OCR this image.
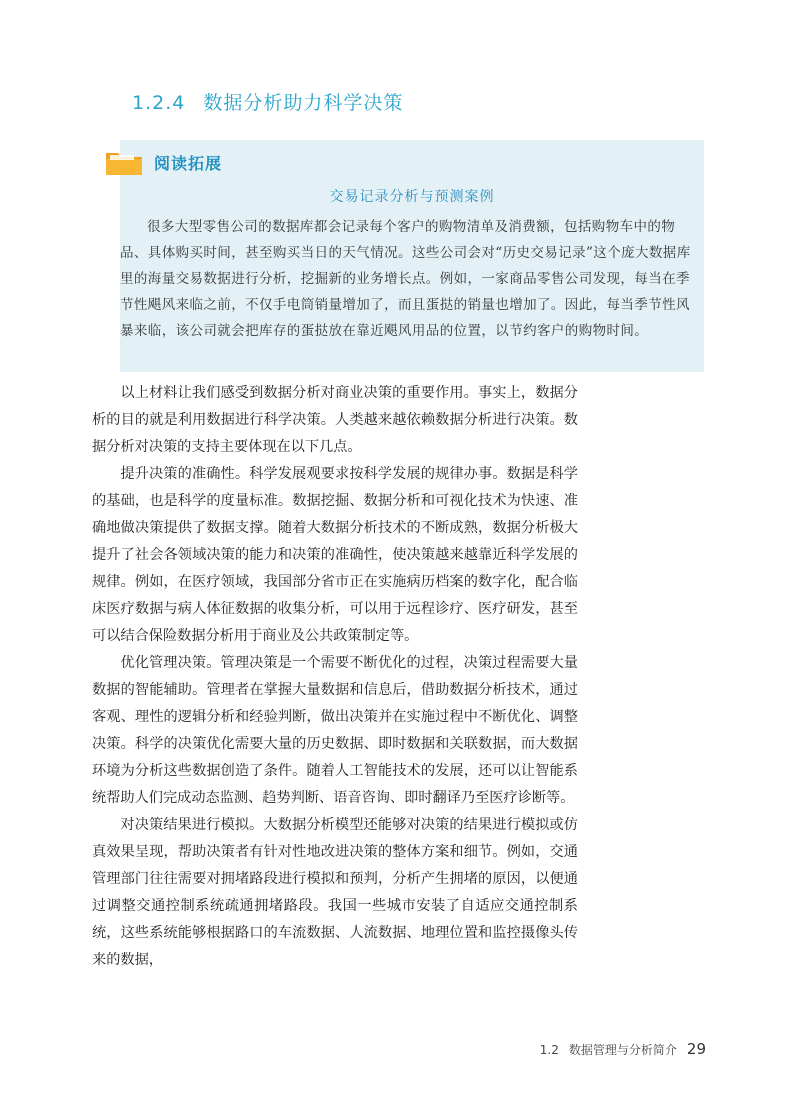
1.2.4 数据分析助力科学决策
阅读拓展
交易记录分析与预测案例

很多大型零售公司的数据库都会记录每个客户的购物清单及消费额，包括购物车中的物品、具体购买时间，甚至购买当日的天气情况。这些公司会对“历史交易记录”这个庞大数据库里的海量交易数据进行分析，挖掘新的业务增长点。例如，一家商品零售公司发现，每当在季节性飓风来临之前，不仅手电筒销量增加了，而且蛋挞的销量也增加了。因此，每当季节性风暴来临，该公司就会把库存的蛋挞放在靠近飓风用品的位置，以节约客户的购物时间。

以上材料让我们感受到数据分析对商业决策的重要作用。事实上，数据分析的目的就是利用数据进行科学决策。人类越来越依赖数据分析进行决策。数据分析对决策的支持主要体现在以下几点。

提升决策的准确性。科学发展观要求按科学发展的规律办事。数据是科学的基础，也是科学的度量标准。数据挖掘、数据分析和可视化技术为快速、准确地做决策提供了数据支撑。随着大数据分析技术的不断成熟，数据分析极大提升了社会各领域决策的能力和决策的准确性，使决策越来越靠近科学发展的规律。例如，在医疗领域，我国部分省市正在实施病历档案的数字化，配合临床医疗数据与病人体征数据的收集分析，可以用于远程诊疗、医疗研发，甚至可以结合保险数据分析用于商业及公共政策制定等。

优化管理决策。管理决策是一个需要不断优化的过程，决策过程需要大量数据的智能辅助。管理者在掌握大量数据和信息后，借助数据分析技术，通过客观、理性的逻辑分析和经验判断，做出决策并在实施过程中不断优化、调整决策。科学的决策优化需要大量的历史数据、即时数据和关联数据，而大数据环境为分析这些数据创造了条件。随着人工智能技术的发展，还可以让智能系统帮助人们完成动态监测、趋势判断、语音咨询、即时翻译乃至医疗诊断等。

对决策结果进行模拟。大数据分析模型还能够对决策的结果进行模拟或仿真效果呈现，帮助决策者有针对性地改进决策的整体方案和细节。例如，交通管理部门往往需要对拥堵路段进行模拟和预判，分析产生拥堵的原因，以便通过调整交通控制系统疏通拥堵路段。我国一些城市安装了自适应交通控制系统，这些系统能够根据路口的车流数据、人流数据、地理位置和监控摄像头传来的数据，

1.2 数据管理与分析简介 29
